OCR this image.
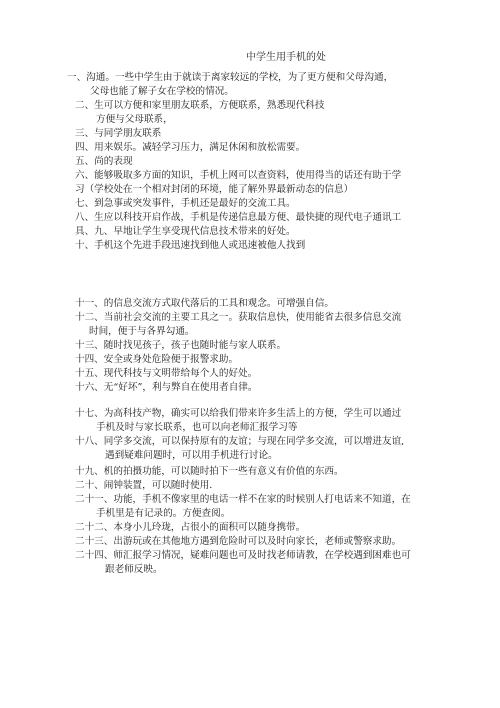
中学生用手机的处
一、沟通。一些中学生由于就读于离家较远的学校，为了更方便和父母沟通，
父母也能了解子女在学校的情况。
二、生可以方便和家里朋友联系，方便联系，熟悉现代科技
方便与父母联系，
三、与同学朋友联系
四、用来娱乐。减轻学习压力，满足休闲和放松需要。
五、尚的表现
六、能够吸取多方面的知识，手机上网可以查资料，使用得当的话还有助于学
习（学校处在一个相对封闭的环境，能了解外界最新动态的信息）
七、到急事或突发事件，手机还是最好的交流工具。
八、生应以科技开启作战，手机是传递信息最方便、最快捷的现代电子通讯工
具、九、早地让学生享受现代信息技术带来的好处。
十、手机这个先进手段迅速找到他人或迅速被他人找到
十一、的信息交流方式取代落后的工具和观念。可增强自信。
十二、当前社会交流的主要工具之一。获取信息快，使用能省去很多信息交流
时间，便于与各界勾通。
十三、随时找见孩子，孩子也随时能与家人联系。
十四、安全或身处危险便于报警求助。
十五、现代科技与文明带给每个人的好处。
十六、无“好坏”，利与弊自在使用者自律。
十七、为高科技产物，确实可以给我们带来许多生活上的方便，学生可以通过
手机及时与家长联系，也可以向老师汇报学习等
十八、同学多交流，可以保持原有的友谊；与现在同学多交流，可以增进友谊,
遇到疑难问题时，可以用手机进行讨论。
十九、机的拍摄功能，可以随时拍下一些有意义有价值的东西。
二十、闹钟装置，可以随时使用.
二十一、功能，手机不像家里的电话一样不在家的时候别人打电话来不知道，在
手机里是有记录的。方便查阅。
二十二、本身小儿玲珑，占很小的面积可以随身携带。
二十三、出游玩或在其他地方遇到危险时可以及时向家长，老师或警察求助。
二十四、师汇报学习情况，疑难问题也可及时找老师请教，在学校遇到困难也可
跟老师反映。
